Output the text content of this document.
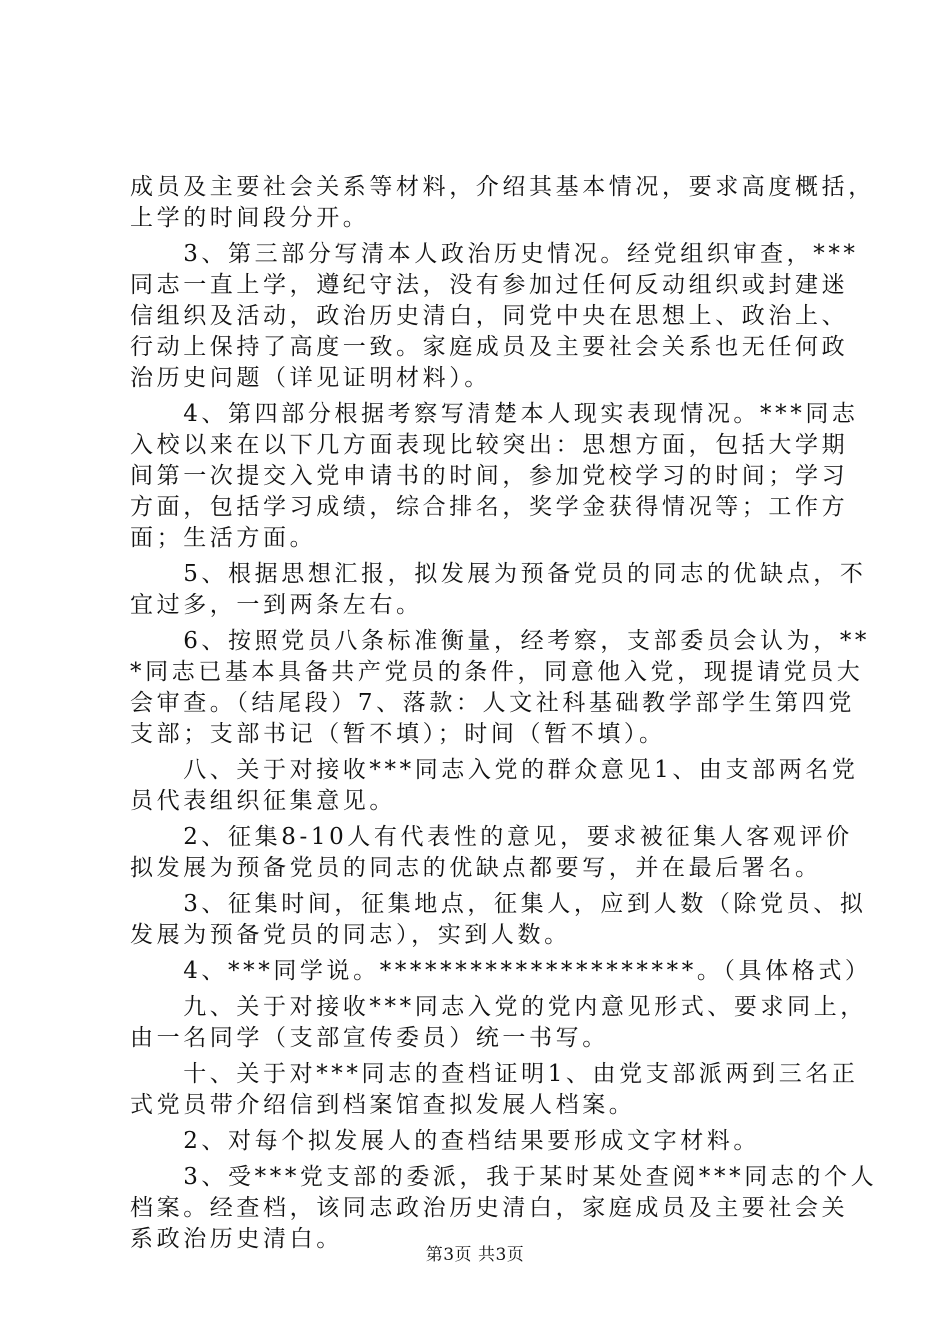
成员及主要社会关系等材料，介绍其基本情况，要求高度概括，
上学的时间段分开。
　　3、第三部分写清本人政治历史情况。经党组织审查，***
同志一直上学，遵纪守法，没有参加过任何反动组织或封建迷
信组织及活动，政治历史清白，同党中央在思想上、政治上、
行动上保持了高度一致。家庭成员及主要社会关系也无任何政
治历史问题（详见证明材料）。
　　4、第四部分根据考察写清楚本人现实表现情况。***同志
入校以来在以下几方面表现比较突出：思想方面，包括大学期
间第一次提交入党申请书的时间，参加党校学习的时间；学习
方面，包括学习成绩，综合排名，奖学金获得情况等；工作方
面；生活方面。
　　5、根据思想汇报，拟发展为预备党员的同志的优缺点，不
宜过多，一到两条左右。
　　6、按照党员八条标准衡量，经考察，支部委员会认为，**
*同志已基本具备共产党员的条件，同意他入党，现提请党员大
会审查。（结尾段）7、落款：人文社科基础教学部学生第四党
支部；支部书记（暂不填）；时间（暂不填）。
　　八、关于对接收***同志入党的群众意见1、由支部两名党
员代表组织征集意见。
　　2、征集8-10人有代表性的意见，要求被征集人客观评价
拟发展为预备党员的同志的优缺点都要写，并在最后署名。
　　3、征集时间，征集地点，征集人，应到人数（除党员、拟
发展为预备党员的同志），实到人数。
　　4、***同学说。*********************。（具体格式）
　　九、关于对接收***同志入党的党内意见形式、要求同上，
由一名同学（支部宣传委员）统一书写。
　　十、关于对***同志的查档证明1、由党支部派两到三名正
式党员带介绍信到档案馆查拟发展人档案。
　　2、对每个拟发展人的查档结果要形成文字材料。
　　3、受***党支部的委派，我于某时某处查阅***同志的个人
档案。经查档，该同志政治历史清白，家庭成员及主要社会关
系政治历史清白。
第3页 共3页
